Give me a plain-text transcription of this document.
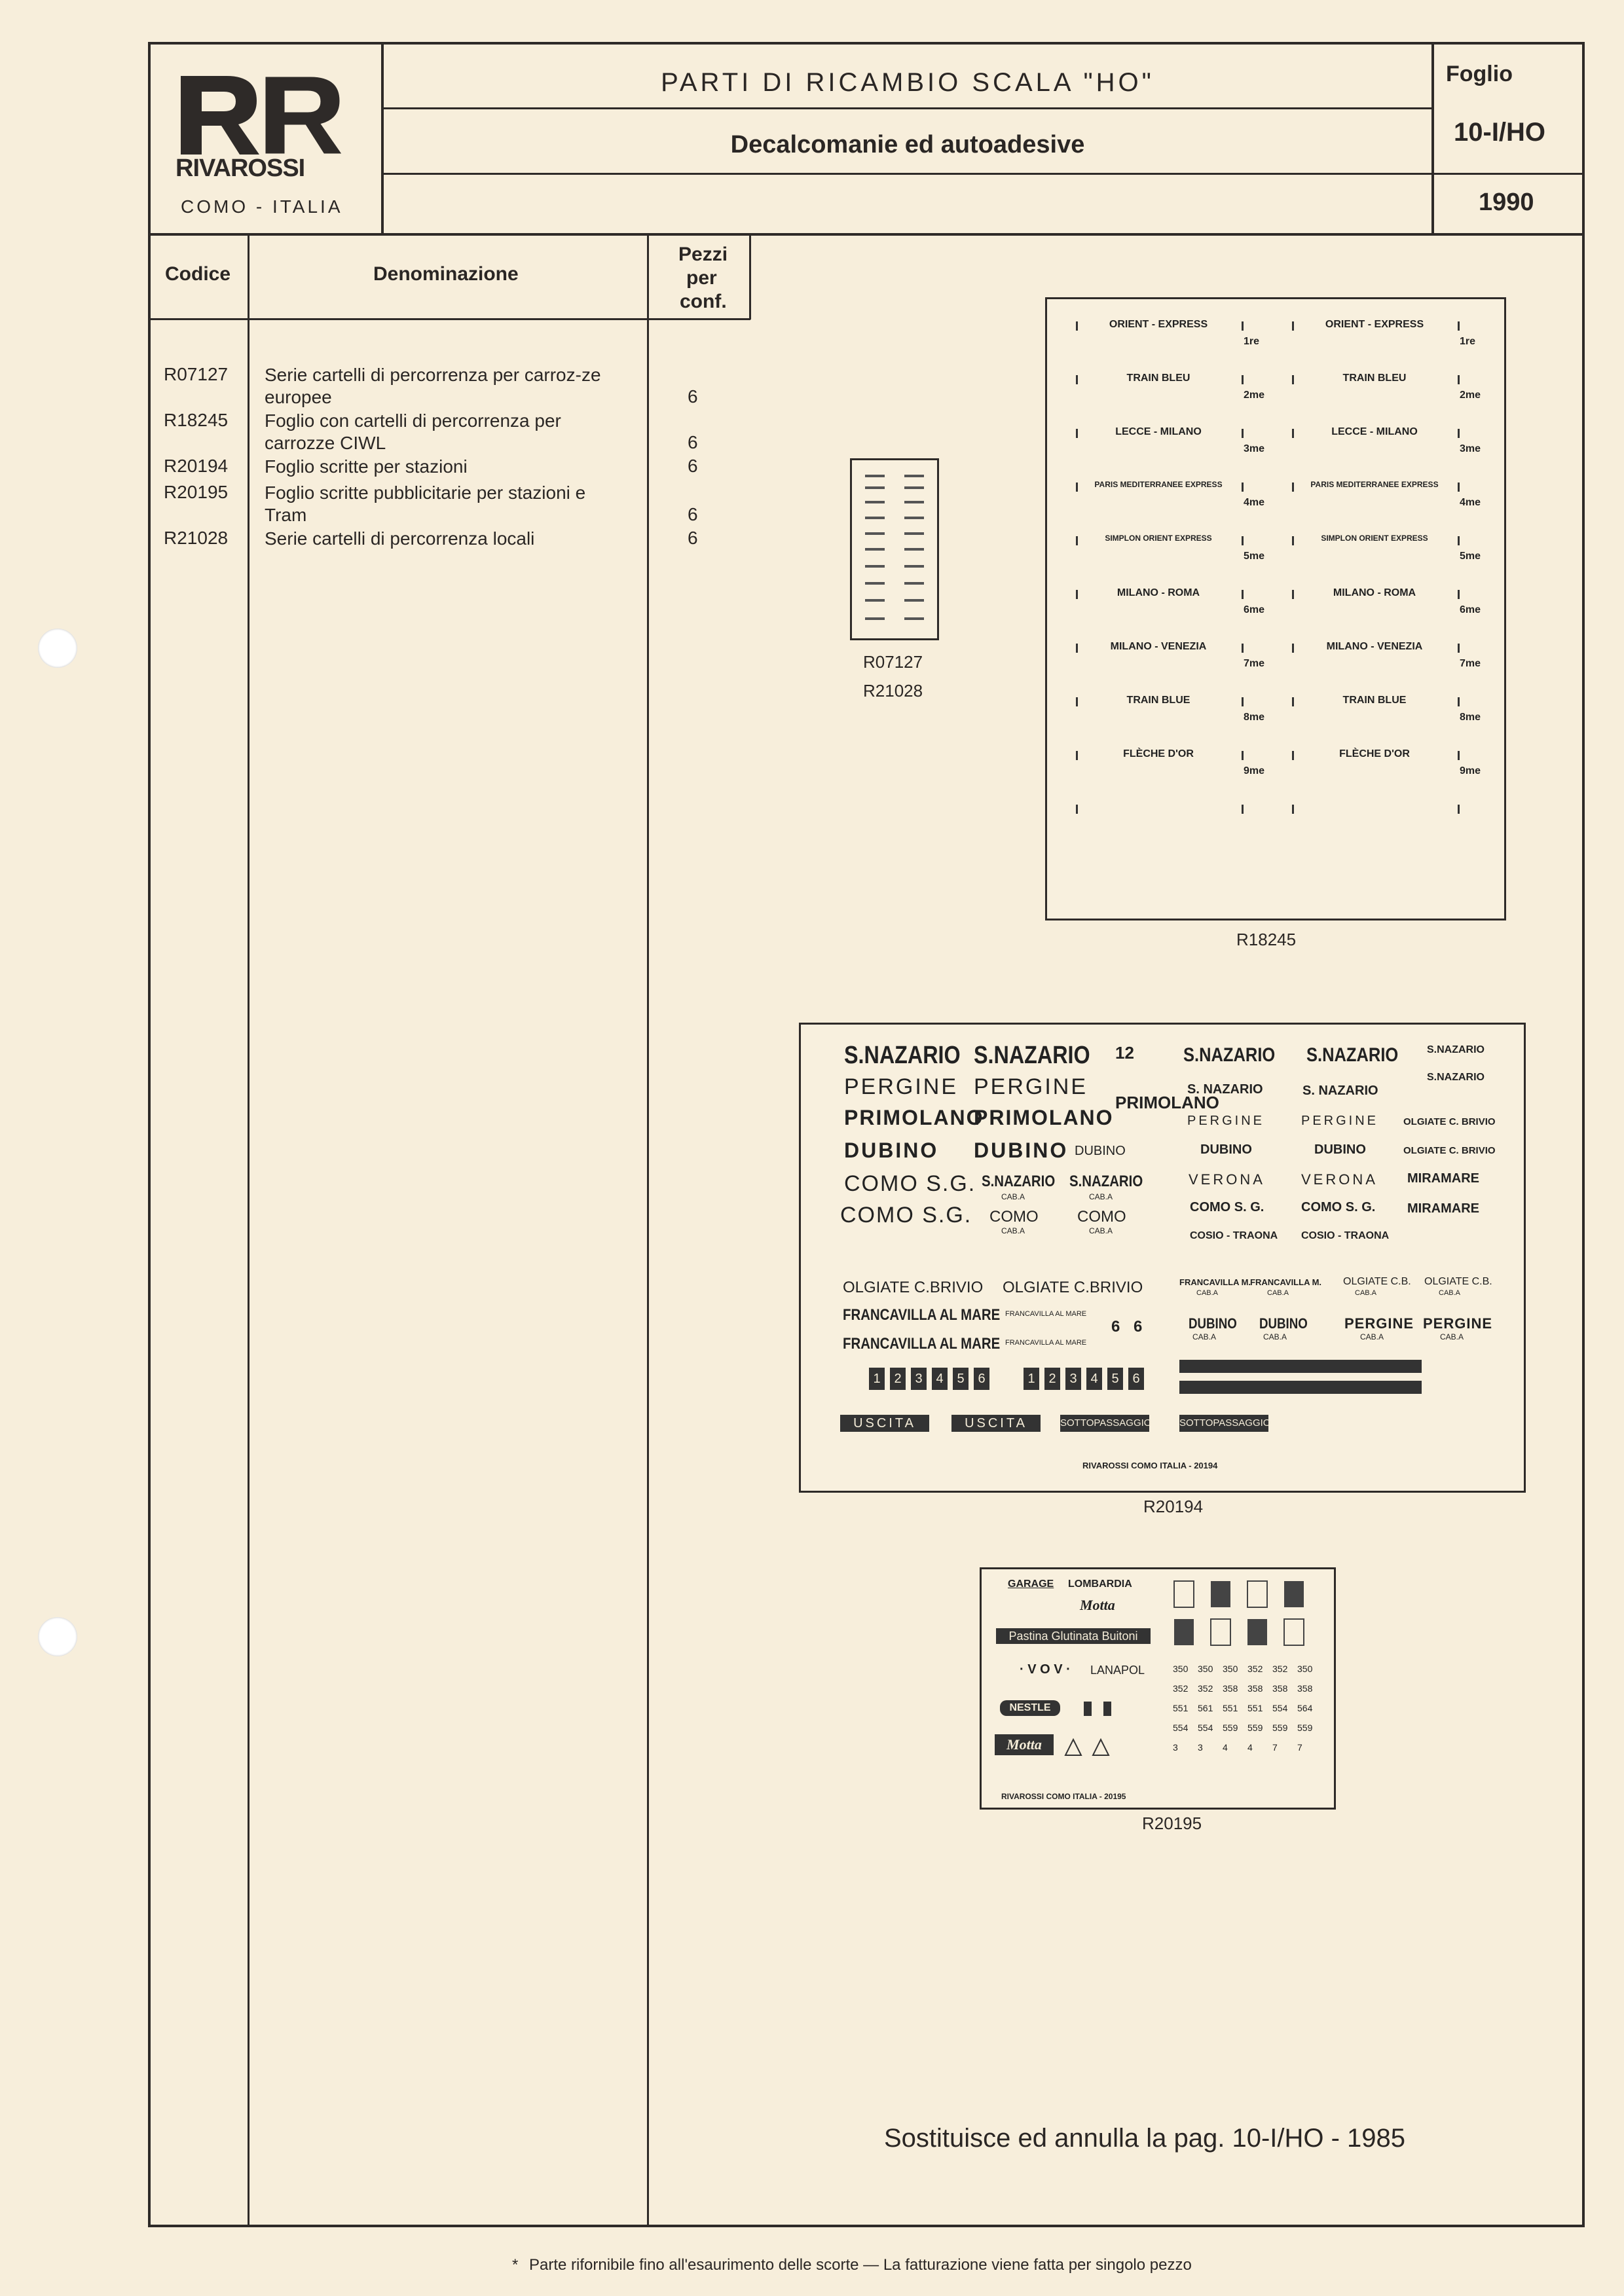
RIVAROSSI
COMO - ITALIA
PARTI DI RICAMBIO SCALA "HO"
Decalcomanie ed autoadesive
Foglio
10-I/HO
1990
Codice	Denominazione
Pezzi
per
conf.
R07127 Serie cartelli di percorrenza per carroz-ze europee	6
R18245 Foglio con cartelli di percorrenza per carrozze CIWL	6
R20194 Foglio scritte per stazioni	6
R20195 Foglio scritte pubblicitarie per stazioni e Tram	6
R21028 Serie cartelli di percorrenza locali	6
R07127
R21028
ORIENT - EXPRESS
1re
ORIENT - EXPRESS
1re
TRAIN BLEU
2me
TRAIN BLEU
2me
LECCE - MILANO
3me
LECCE - MILANO
3me
PARIS MEDITERRANEE EXPRESS
4me
PARIS MEDITERRANEE EXPRESS
4me
SIMPLON ORIENT EXPRESS
5me
SIMPLON ORIENT EXPRESS
5me
MILANO - ROMA
6me
MILANO - ROMA
6me
MILANO - VENEZIA
7me
MILANO - VENEZIA
7me
TRAIN BLUE
8me
TRAIN BLUE
8me
FLÈCHE D'OR
9me
FLÈCHE D'OR
9me
R18245
S.NAZARIO S.NAZARIO 12
PERGINE PERGINE
PRIMOLANO
PRIMOLANO
PRIMOLANO
DUBINO DUBINO DUBINO
COMO S.G. S.NAZARIO S.NAZARIO
CAB.A	CAB.A
COMO S.G. COMO COMO
CAB.A	CAB.A
S.NAZARIO S.NAZARIO	S.NAZARIO
S. NAZARIO	S. NAZARIO
S.NAZARIO
PERGINE	PERGINE	OLGIATE C. BRIVIO
DUBINO	DUBINO	OLGIATE C. BRIVIO
VERONA	VERONA MIRAMARE
COMO S. G.	COMO S. G. MIRAMARE
COSIO - TRAONA COSIO - TRAONA
OLGIATE C.BRIVIO OLGIATE C.BRIVIO
FRANCAVILLA AL MARE FRANCAVILLA AL MARE
FRANCAVILLA AL MARE FRANCAVILLA AL MARE
6 6
FRANCAVILLA M.
CAB.A
FRANCAVILLA M.
CAB.A
OLGIATE C.B.
CAB.A
OLGIATE C.B.
CAB.A
DUBINO
CAB.A
DUBINO
CAB.A
PERGINE
CAB.A
PERGINE
CAB.A
1	2	3	4	5	6	1	2	3	4	5	6
USCITA	USCITA	SOTTOPASSAGGIO	SOTTOPASSAGGIO
RIVAROSSI COMO ITALIA - 20194
R20194
GARAGE LOMBARDIA
Motta
Pastina Glutinata Buitoni
· V O V · LANAPOL
NESTLE
Motta
350 350 350 352 352 350
352 352 358 358 358 358
551 561 551 551 554 564
554 554 559 559 559 559
3 3 4 4 7 7
RIVAROSSI COMO ITALIA - 20195
R20195
Sostituisce ed annulla la pag. 10-I/HO - 1985
* Parte rifornibile fino all'esaurimento delle scorte — La fatturazione viene fatta per singolo pezzo
